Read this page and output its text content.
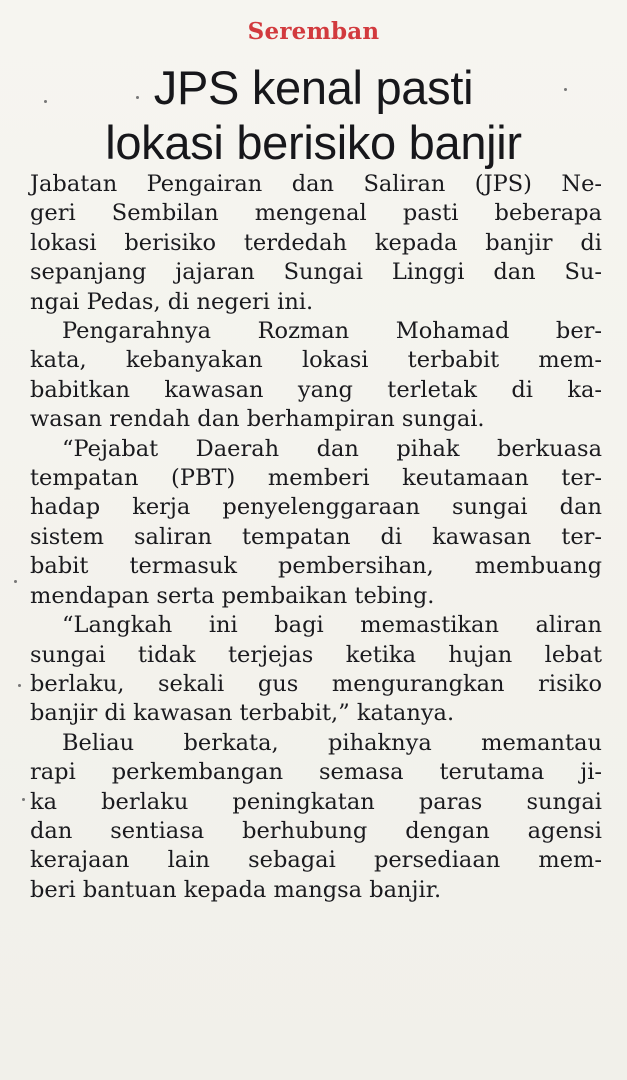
Seremban
JPS kenal pasti
lokasi berisiko banjir

Jabatan Pengairan dan Saliran (JPS) Ne-
geri Sembilan mengenal pasti beberapa
lokasi berisiko terdedah kepada banjir di
sepanjang jajaran Sungai Linggi dan Su-
ngai Pedas, di negeri ini.

Pengarahnya Rozman Mohamad ber-
kata, kebanyakan lokasi terbabit mem-
babitkan kawasan yang terletak di ka-
wasan rendah dan berhampiran sungai.

“Pejabat Daerah dan pihak berkuasa
tempatan (PBT) memberi keutamaan ter-
hadap kerja penyelenggaraan sungai dan
sistem saliran tempatan di kawasan ter-
babit termasuk pembersihan, membuang
mendapan serta pembaikan tebing.

“Langkah ini bagi memastikan aliran
sungai tidak terjejas ketika hujan lebat
berlaku, sekali gus mengurangkan risiko
banjir di kawasan terbabit,” katanya.

Beliau berkata, pihaknya memantau
rapi perkembangan semasa terutama ji-
ka berlaku peningkatan paras sungai
dan sentiasa berhubung dengan agensi
kerajaan lain sebagai persediaan mem-
beri bantuan kepada mangsa banjir.
